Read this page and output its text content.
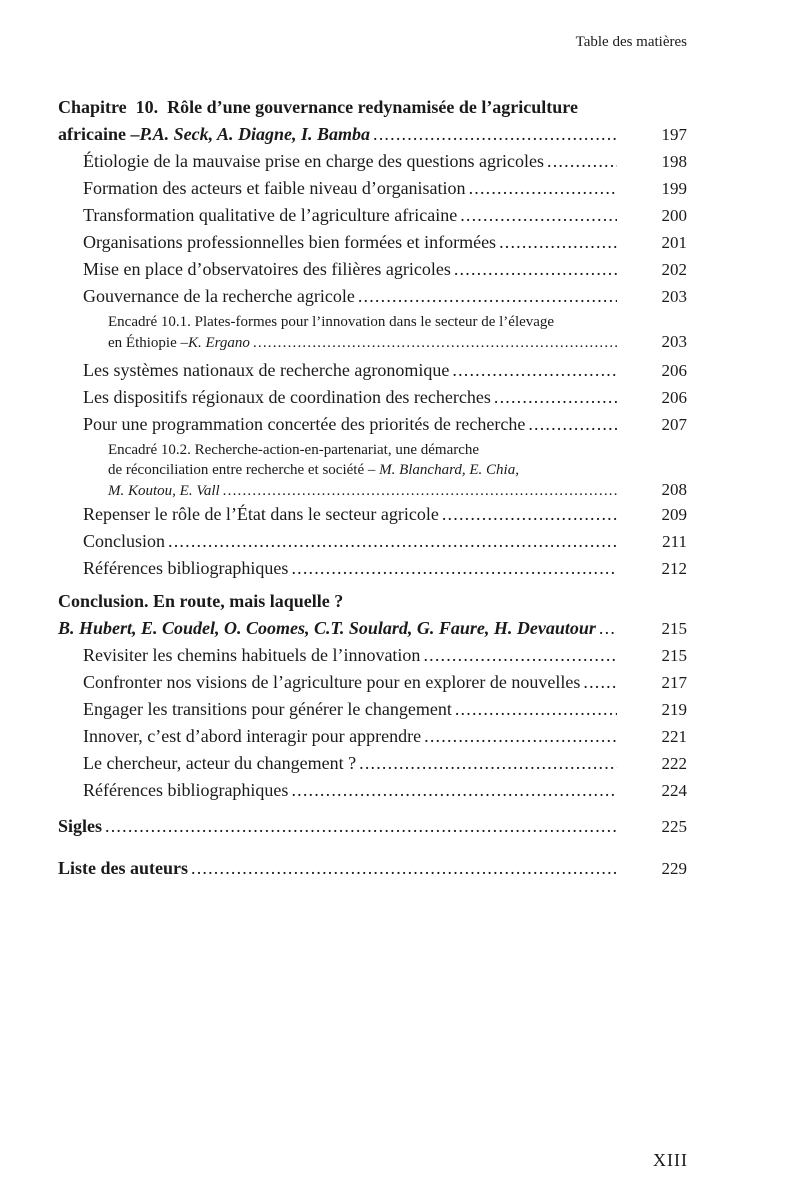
Table des matières
Chapitre 10. Rôle d’une gouvernance redynamisée de l’agriculture
africaine – P.A. Seck, A. Diagne, I. Bamba .....	197
Étiologie de la mauvaise prise en charge des questions agricoles .....	198
Formation des acteurs et faible niveau d’organisation .....	199
Transformation qualitative de l’agriculture africaine .....	200
Organisations professionnelles bien formées et informées .....	201
Mise en place d’observatoires des filières agricoles .....	202
Gouvernance de la recherche agricole .....	203
Encadré 10.1. Plates-formes pour l’innovation dans le secteur de l’élevage
en Éthiopie – K. Ergano .....	203
Les systèmes nationaux de recherche agronomique .....	206
Les dispositifs régionaux de coordination des recherches .....	206
Pour une programmation concertée des priorités de recherche .....	207
Encadré 10.2. Recherche-action-en-partenariat, une démarche
de réconciliation entre recherche et société – M. Blanchard, E. Chia,
M. Koutou, E. Vall .....	208
Repenser le rôle de l’État dans le secteur agricole .....	209
Conclusion .....	211
Références bibliographiques .....	212
Conclusion. En route, mais laquelle ?
B. Hubert, E. Coudel, O. Coomes, C.T. Soulard, G. Faure, H. Devautour .....	215
Revisiter les chemins habituels de l’innovation .....	215
Confronter nos visions de l’agriculture pour en explorer de nouvelles .....	217
Engager les transitions pour générer le changement .....	219
Innover, c’est d’abord interagir pour apprendre .....	221
Le chercheur, acteur du changement ? .....	222
Références bibliographiques .....	224
Sigles .....	225
Liste des auteurs .....	229
XIII
